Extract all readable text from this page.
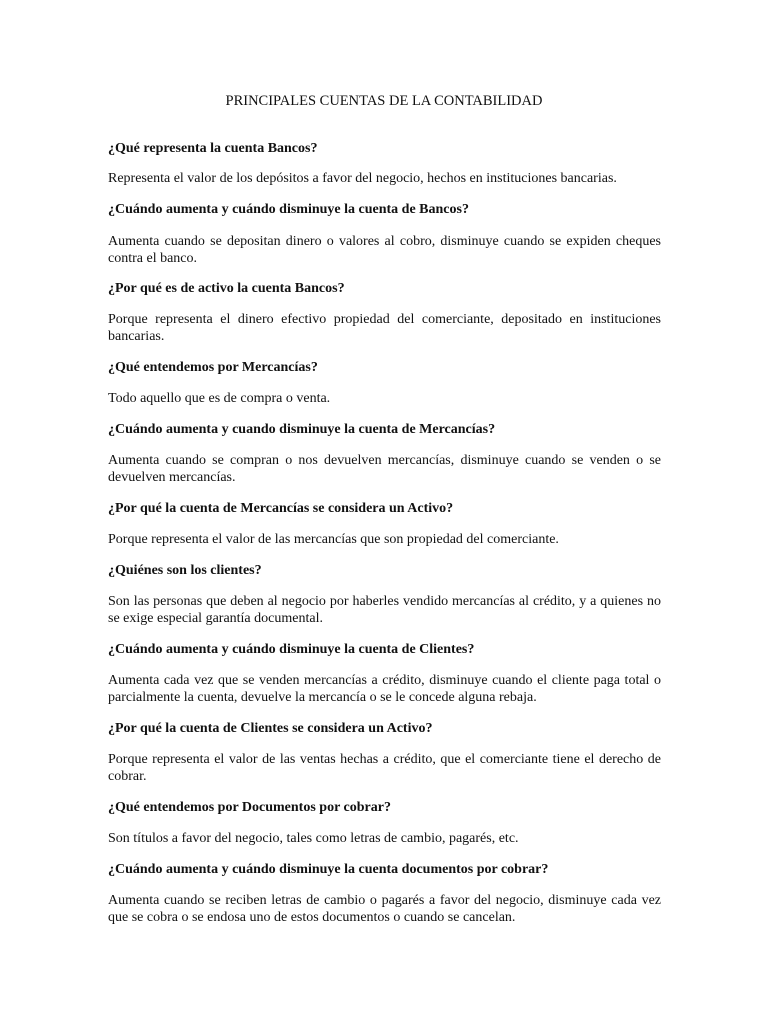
PRINCIPALES CUENTAS DE LA CONTABILIDAD

¿Qué representa la cuenta Bancos?

Representa el valor de los depósitos a favor del negocio, hechos en instituciones bancarias.

¿Cuándo aumenta y cuándo disminuye la cuenta de Bancos?

Aumenta cuando se depositan dinero o valores al cobro, disminuye cuando se expiden cheques contra el banco.

¿Por qué es de activo la cuenta Bancos?

Porque representa el dinero efectivo propiedad del comerciante, depositado en instituciones bancarias.

¿Qué entendemos por Mercancías?

Todo aquello que es de compra o venta.

¿Cuándo aumenta y cuando disminuye la cuenta de Mercancías?

Aumenta cuando se compran o nos devuelven mercancías, disminuye cuando se venden o se devuelven mercancías.

¿Por qué la cuenta de Mercancías se considera un Activo?

Porque representa el valor de las mercancías que son propiedad del comerciante.

¿Quiénes son los clientes?

Son las personas que deben al negocio por haberles vendido mercancías al crédito, y a quienes no se exige especial garantía documental.

¿Cuándo aumenta y cuándo disminuye la cuenta de Clientes?

Aumenta cada vez que se venden mercancías a crédito, disminuye cuando el cliente paga total o parcialmente la cuenta, devuelve la mercancía o se le concede alguna rebaja.

¿Por qué la cuenta de Clientes se considera un Activo?

Porque representa el valor de las ventas hechas a crédito, que el comerciante tiene el derecho de cobrar.

¿Qué entendemos por Documentos por cobrar?

Son títulos a favor del negocio, tales como letras de cambio, pagarés, etc.

¿Cuándo aumenta y cuándo disminuye la cuenta documentos por cobrar?

Aumenta cuando se reciben letras de cambio o pagarés a favor del negocio, disminuye cada vez que se cobra o se endosa uno de estos documentos o cuando se cancelan.
